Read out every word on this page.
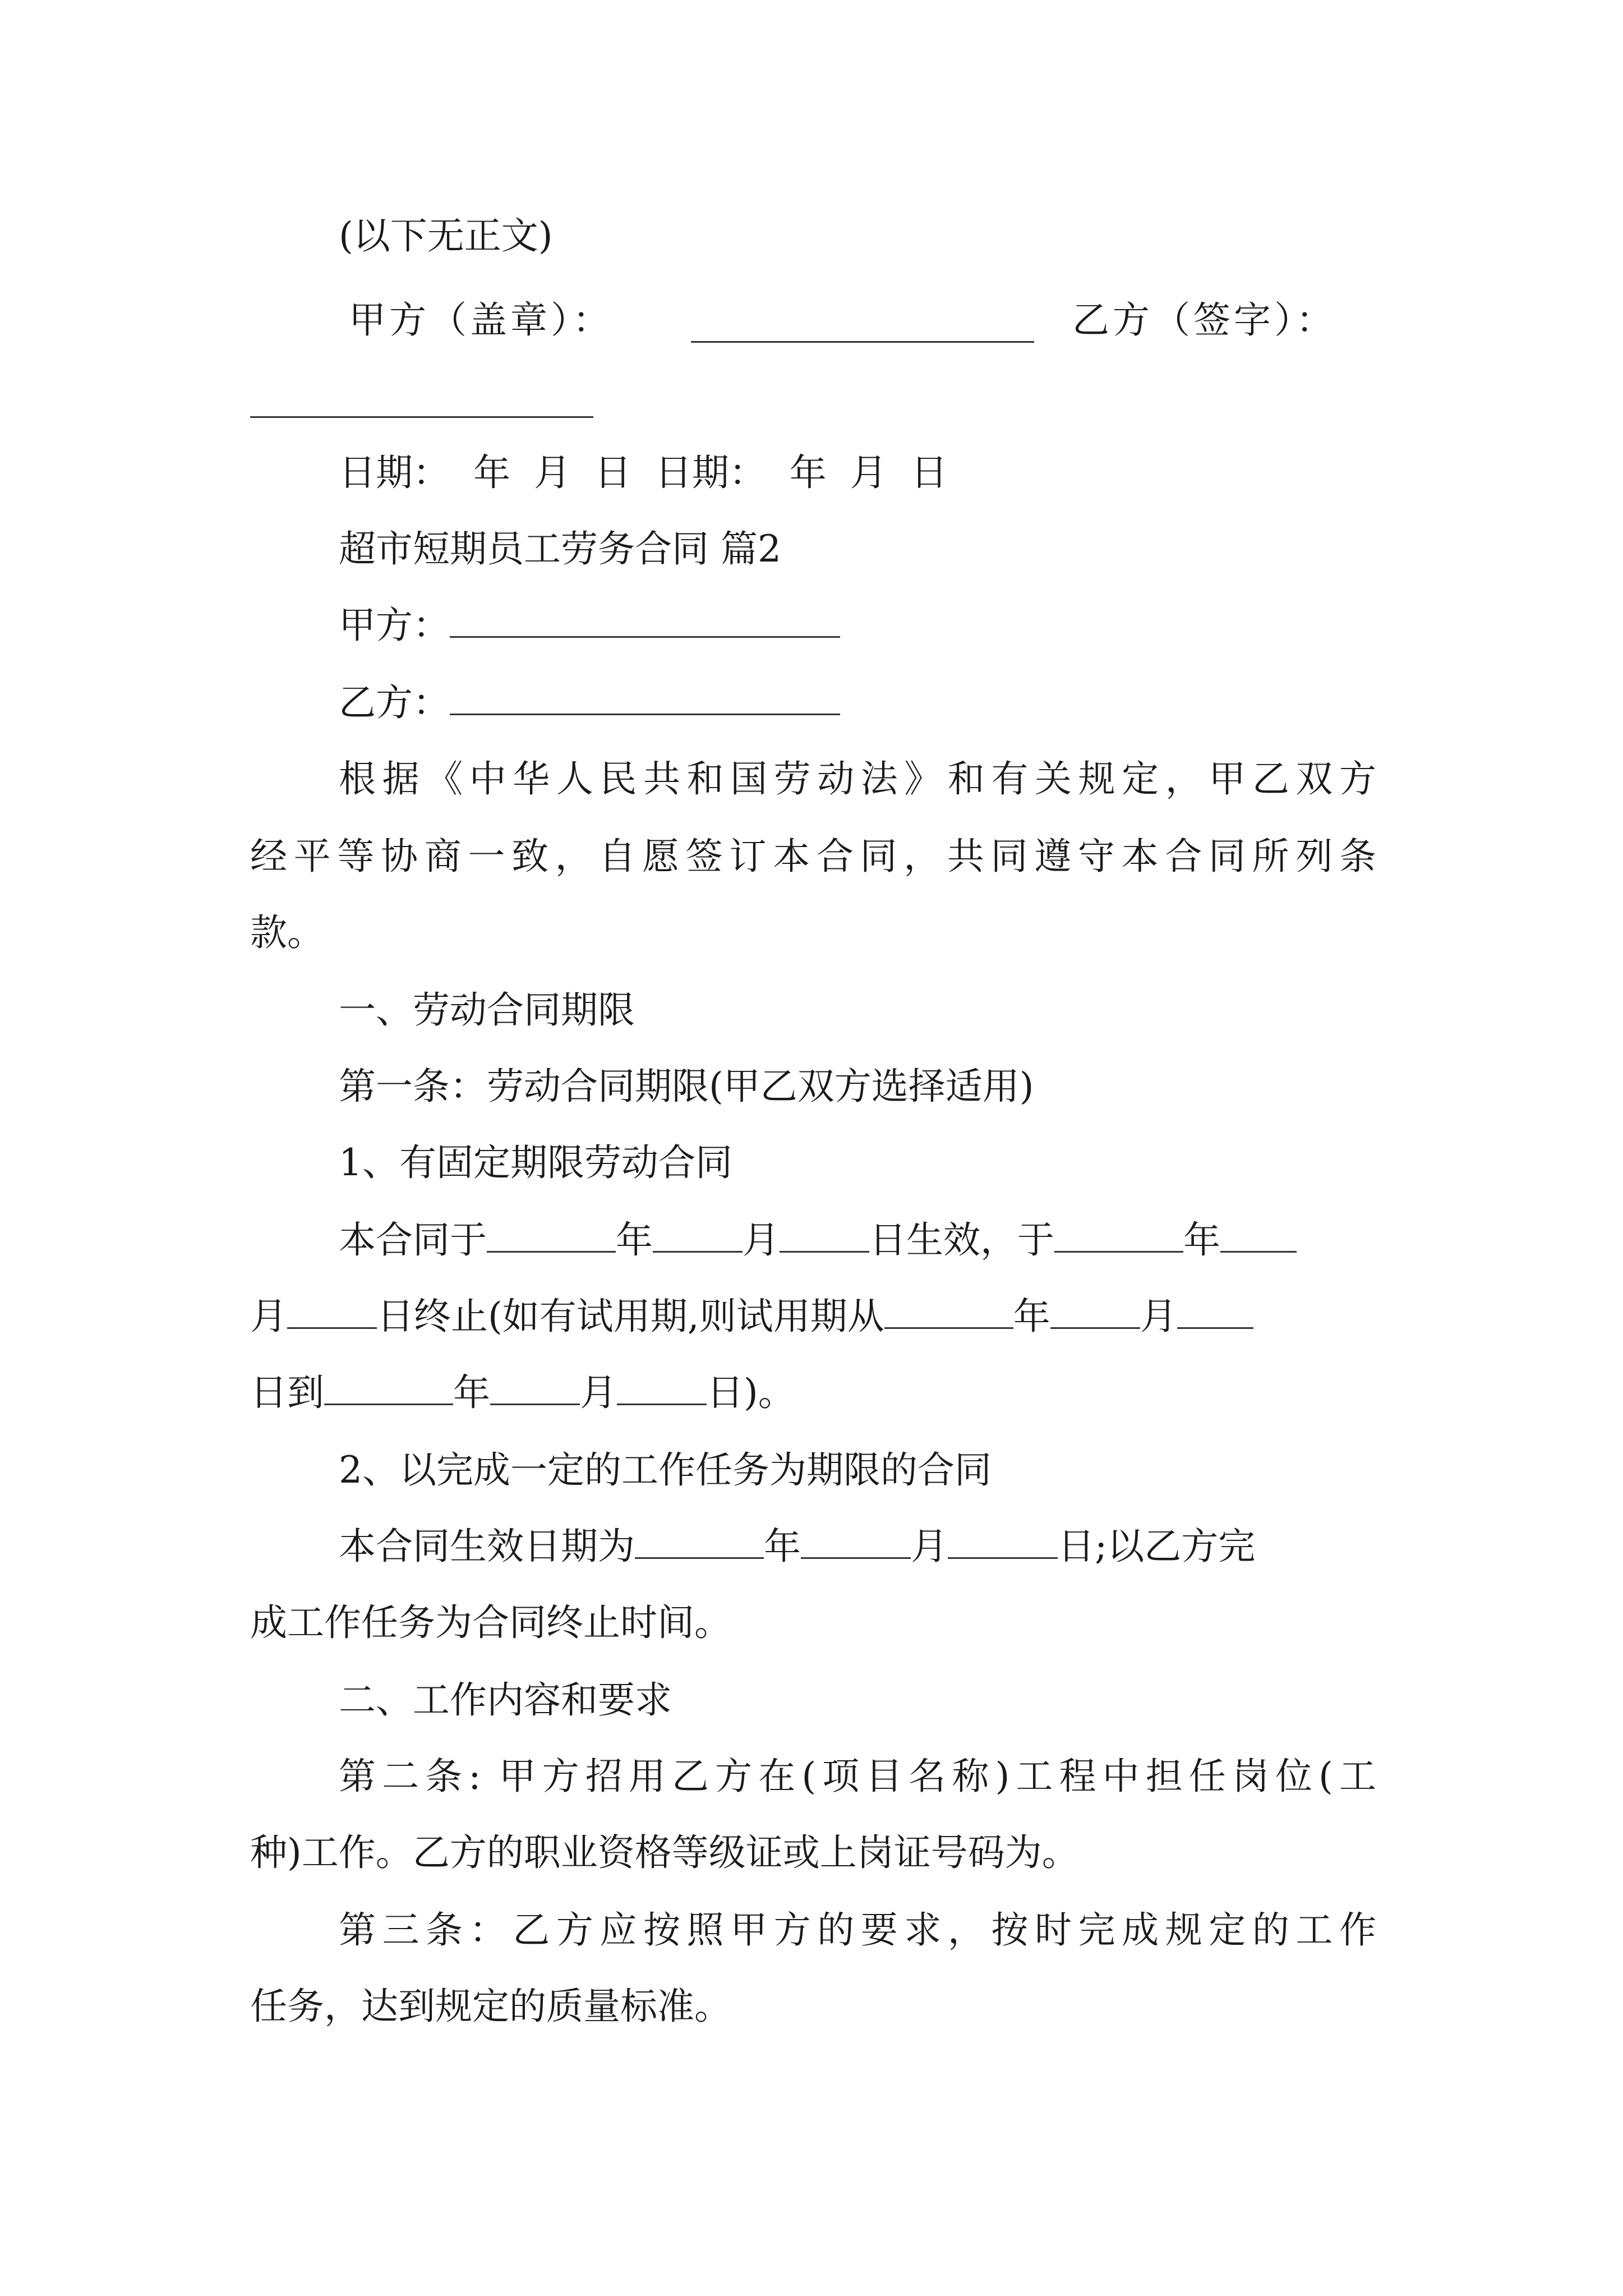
(以下无正文)
甲方（盖章）：	乙方（签字）：
日期：  年  月  日  日期：  年  月  日
超市短期员工劳务合同 篇2
甲方：
乙方：
根据《中华人民共和国劳动法》和有关规定，甲乙双方
经平等协商一致，自愿签订本合同，共同遵守本合同所列条
款。
一、劳动合同期限
第一条：劳动合同期限(甲乙双方选择适用)
1、有固定期限劳动合同
本合同于	年 月 日生效，于	年
月 日终止(如有试用期,则试用期从	年 月
日到	年 月 日)。
2、以完成一定的工作任务为期限的合同
本合同生效日期为	年	月	日;以乙方完
成工作任务为合同终止时间。
二、工作内容和要求
第二条: 甲方招用乙方在(项目名称)工程中担任岗位(工
种)工作。乙方的职业资格等级证或上岗证号码为。
第三条：乙方应按照甲方的要求，按时完成规定的工作
任务，达到规定的质量标准。
